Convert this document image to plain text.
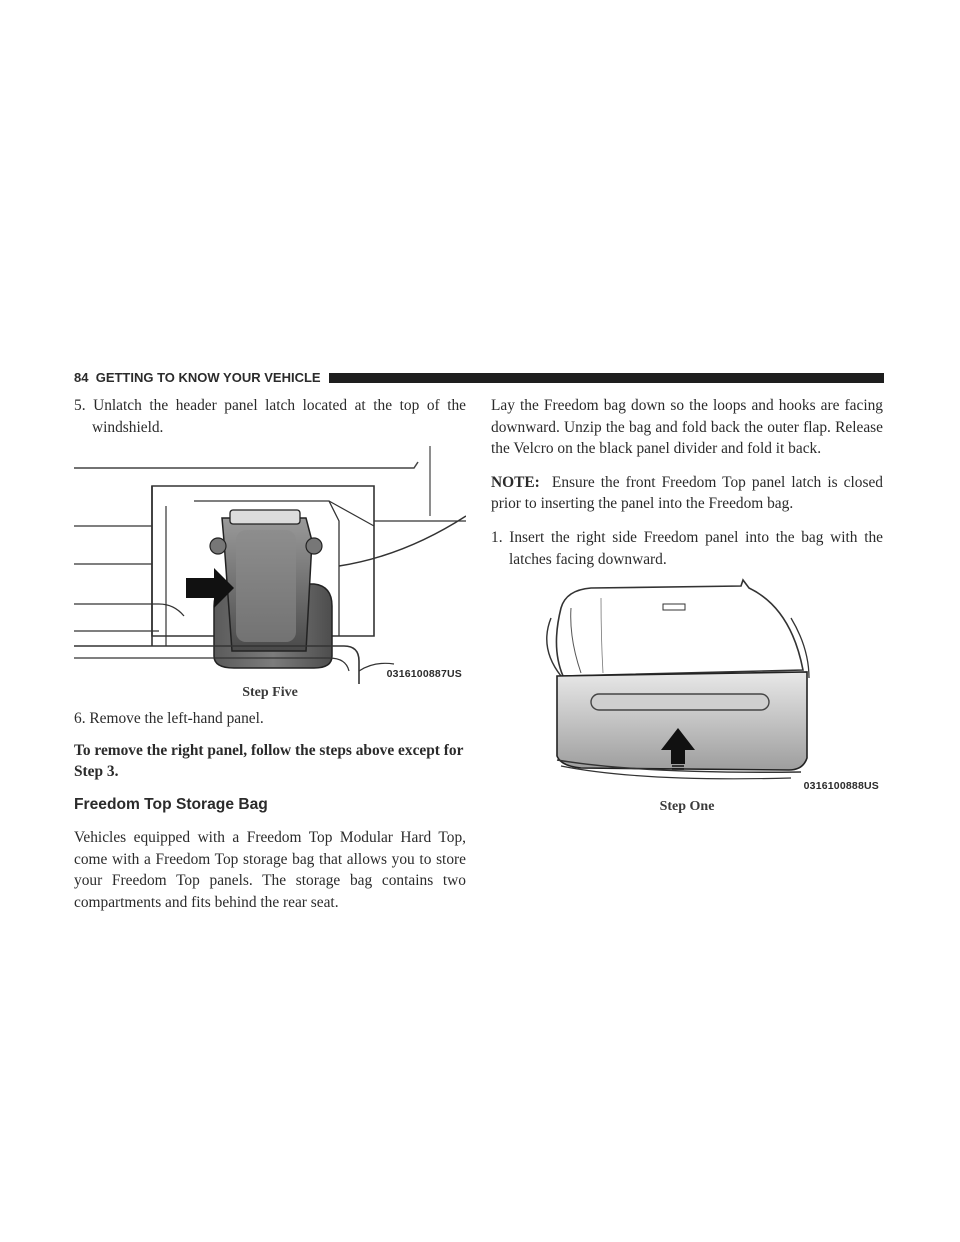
84 GETTING TO KNOW YOUR VEHICLE

5. Unlatch the header panel latch located at the top of the windshield.

0316100887US
Step Five

6. Remove the left-hand panel.

To remove the right panel, follow the steps above except for Step 3.

Freedom Top Storage Bag

Vehicles equipped with a Freedom Top Modular Hard Top, come with a Freedom Top storage bag that allows you to store your Freedom Top panels. The storage bag contains two compartments and fits behind the rear seat.

Lay the Freedom bag down so the loops and hooks are facing downward. Unzip the bag and fold back the outer flap. Release the Velcro on the black panel divider and fold it back.

NOTE: Ensure the front Freedom Top panel latch is closed prior to inserting the panel into the Freedom bag.

1. Insert the right side Freedom panel into the bag with the latches facing downward.

0316100888US
Step One
